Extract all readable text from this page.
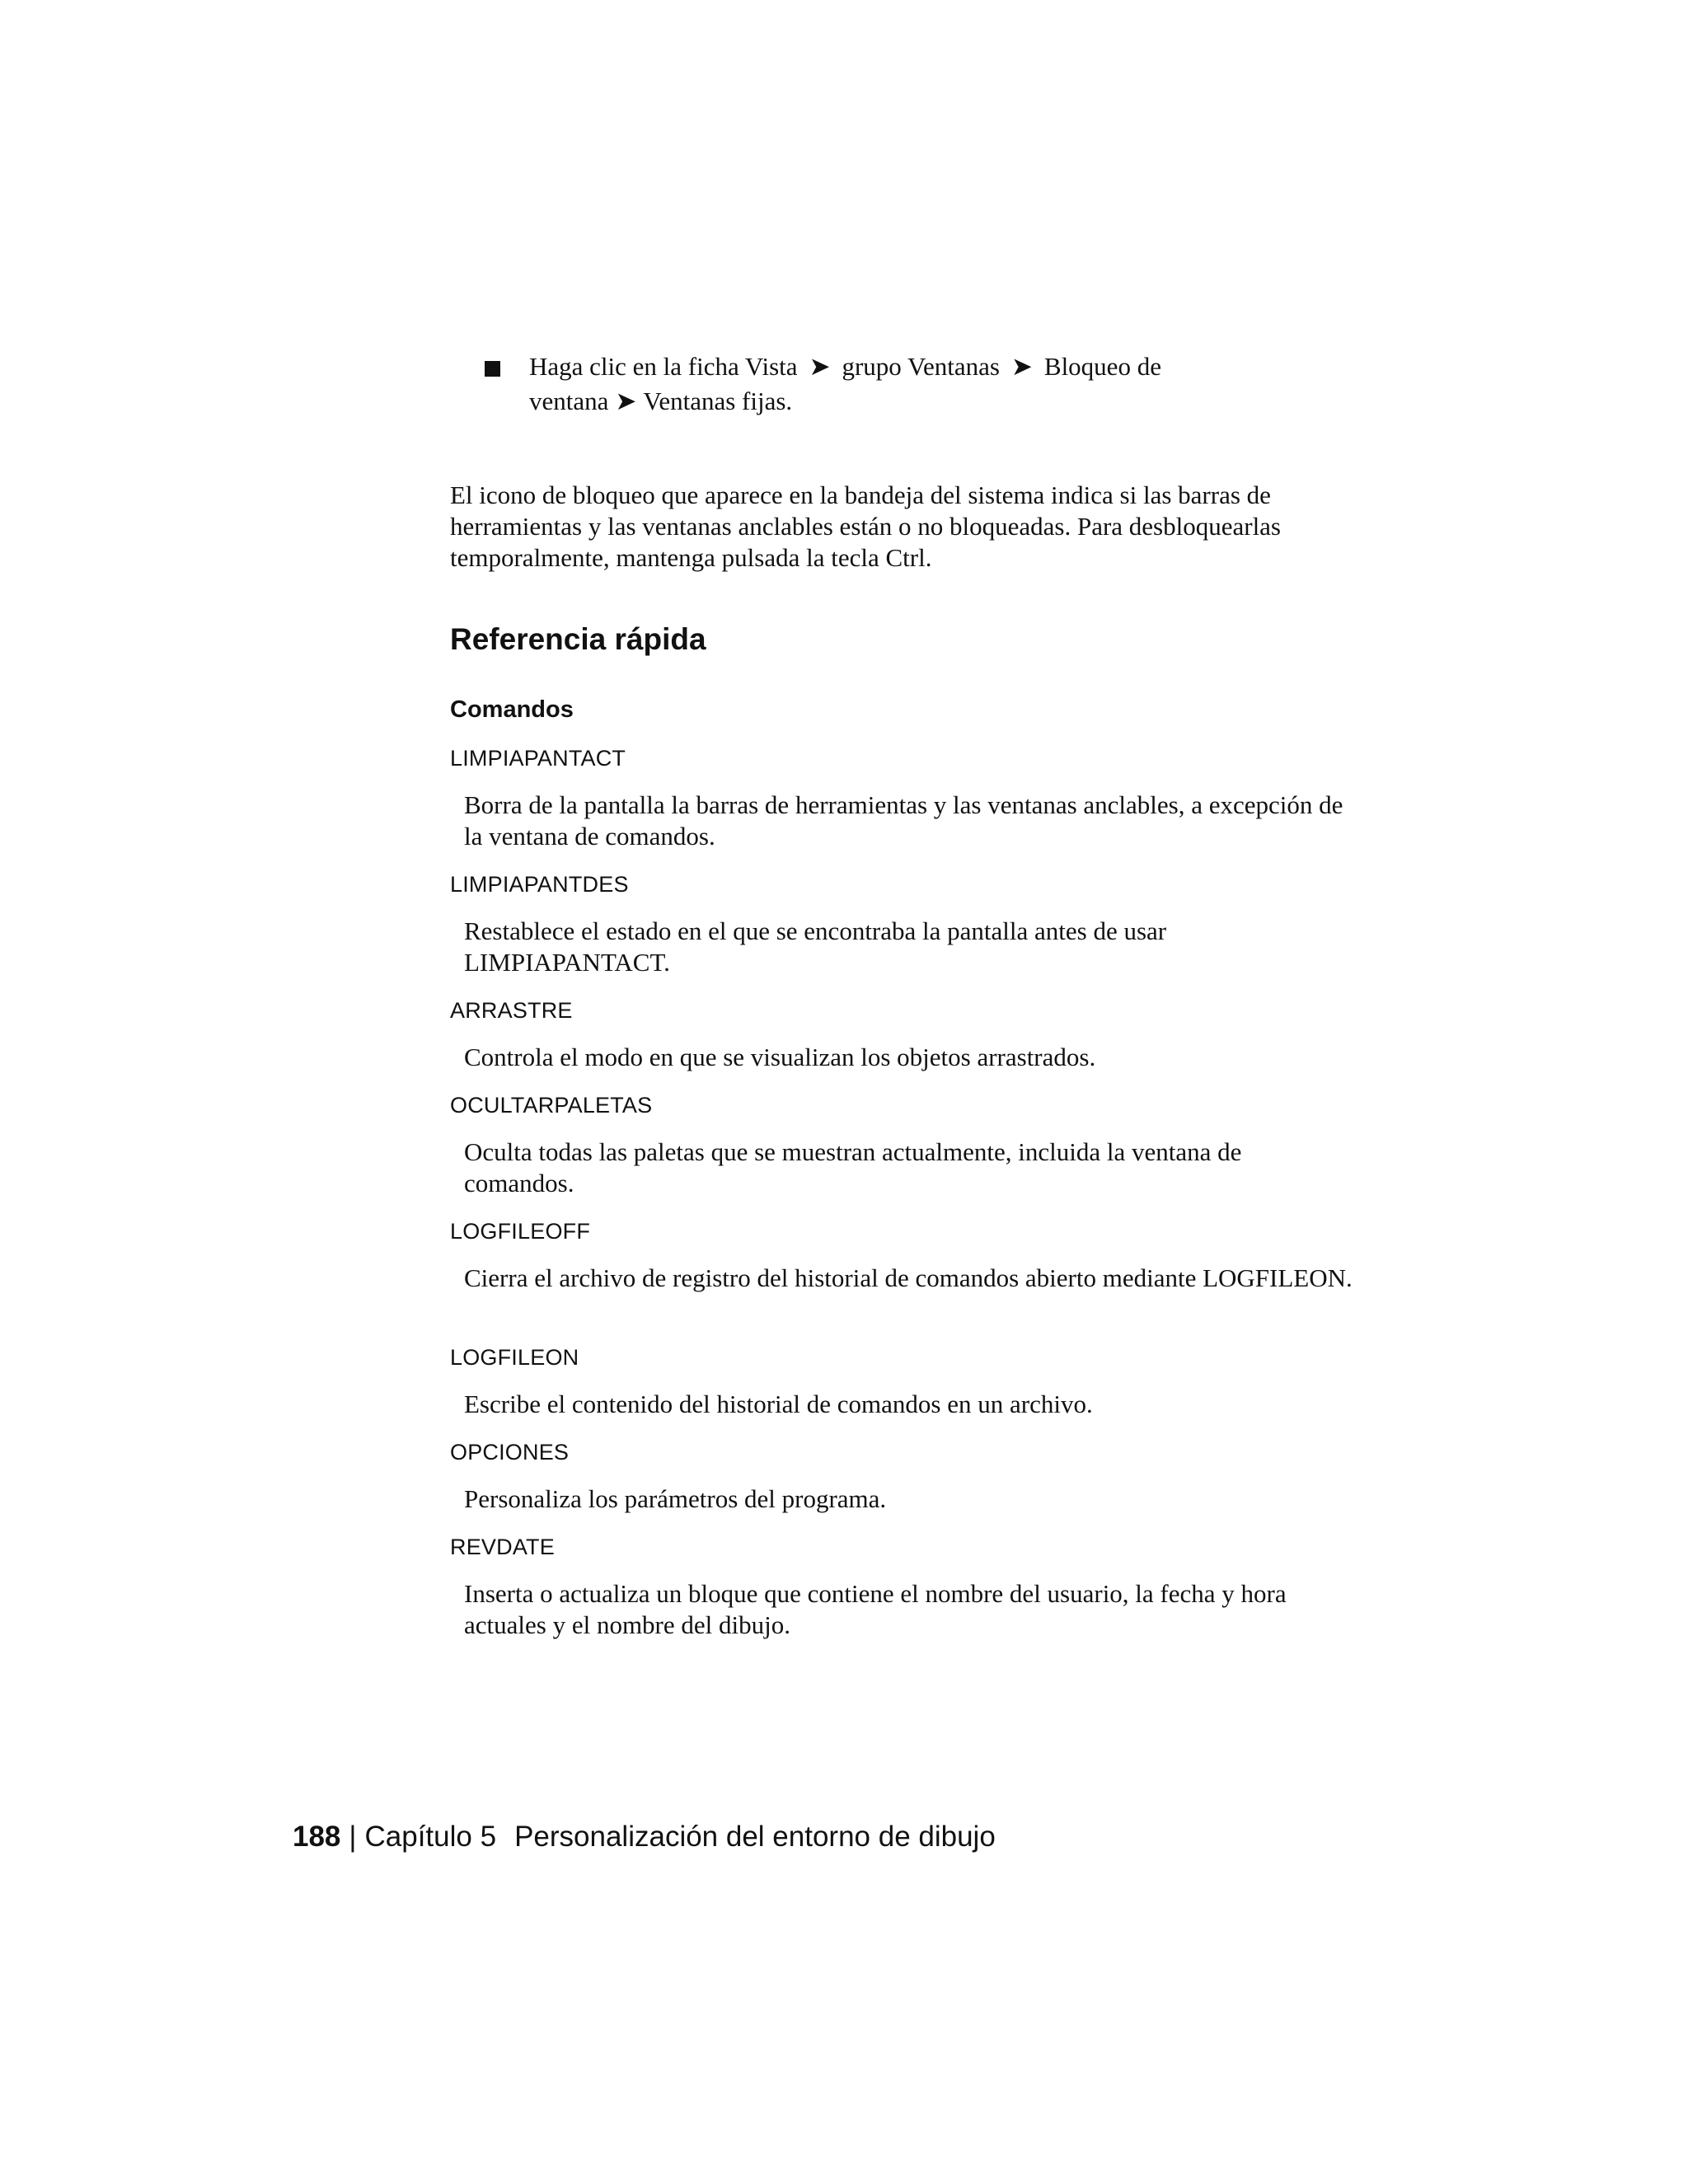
Haga clic en la ficha Vista ➤ grupo Ventanas ➤ Bloqueo de
ventana ➤ Ventanas fijas.

El icono de bloqueo que aparece en la bandeja del sistema indica si las barras de herramientas y las ventanas anclables están o no bloqueadas. Para desbloquearlas temporalmente, mantenga pulsada la tecla Ctrl.

Referencia rápida
Comandos
LIMPIAPANTACT
Borra de la pantalla la barras de herramientas y las ventanas anclables, a excepción de la ventana de comandos.
LIMPIAPANTDES
Restablece el estado en el que se encontraba la pantalla antes de usar LIMPIAPANTACT.
ARRASTRE
Controla el modo en que se visualizan los objetos arrastrados.
OCULTARPALETAS
Oculta todas las paletas que se muestran actualmente, incluida la ventana de comandos.
LOGFILEOFF
Cierra el archivo de registro del historial de comandos abierto mediante LOGFILEON.
LOGFILEON
Escribe el contenido del historial de comandos en un archivo.
OPCIONES
Personaliza los parámetros del programa.
REVDATE
Inserta o actualiza un bloque que contiene el nombre del usuario, la fecha y hora actuales y el nombre del dibujo.
188 | Capítulo 5 Personalización del entorno de dibujo
